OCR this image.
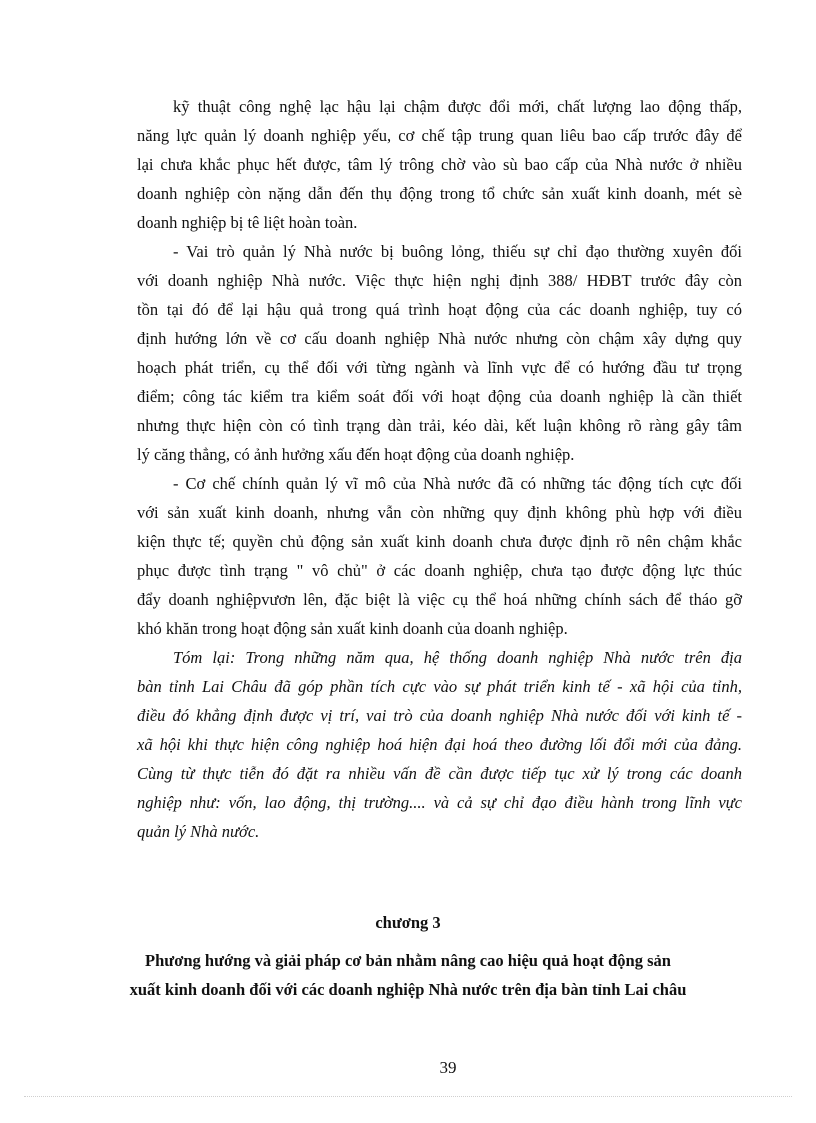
kỹ thuật công nghệ lạc hậu lại chậm được đổi mới, chất lượng lao động thấp,
năng lực quản lý doanh nghiệp yếu, cơ chế tập trung quan liêu bao cấp trước đây để
lại chưa khắc phục hết được, tâm lý trông chờ vào sù bao cấp của Nhà nước ở nhiều
doanh nghiệp còn nặng dẫn đến thụ động trong tổ chức sản xuất kinh doanh, mét sè
doanh nghiệp bị tê liệt hoàn toàn.
- Vai trò quản lý Nhà nước bị buông lỏng, thiếu sự chỉ đạo thường xuyên đối
với doanh nghiệp Nhà nước. Việc thực hiện nghị định 388/ HĐBT trước đây còn
tồn tại đó để lại hậu quả trong quá trình hoạt động của các doanh nghiệp, tuy có
định hướng lớn về cơ cấu doanh nghiệp Nhà nước nhưng còn chậm xây dựng quy
hoạch phát triển, cụ thể đối với từng ngành và lĩnh vực để có hướng đầu tư trọng
điểm; công tác kiểm tra kiểm soát đối với hoạt động của doanh nghiệp là cần thiết
nhưng thực hiện còn có tình trạng dàn trải, kéo dài, kết luận không rõ ràng gây tâm
lý căng thẳng, có ảnh hưởng xấu đến hoạt động của doanh nghiệp.
- Cơ chế chính quản lý vĩ mô của Nhà nước đã có những tác động tích cực đối
với sản xuất kinh doanh, nhưng vẫn còn những quy định không phù hợp với điều
kiện thực tế; quyền chủ động sản xuất kinh doanh chưa được định rõ nên chậm khắc
phục được tình trạng " vô chủ" ở các doanh nghiệp, chưa tạo được động lực thúc
đẩy doanh nghiệpvươn lên, đặc biệt là việc cụ thể hoá những chính sách để tháo gỡ
khó khăn trong hoạt động sản xuất kinh doanh của doanh nghiệp.
Tóm lại: Trong những năm qua, hệ thống doanh nghiệp Nhà nước trên địa
bàn tỉnh Lai Châu đã góp phần tích cực vào sự phát triển kinh tế - xã hội của tỉnh,
điều đó khẳng định được vị trí, vai trò của doanh nghiệp Nhà nước đối với kinh tế -
xã hội khi thực hiện công nghiệp hoá hiện đại hoá theo đường lối đổi mới của đảng.
Cùng từ thực tiễn đó đặt ra nhiều vấn đề cần được tiếp tục xử lý trong các doanh
nghiệp như: vốn, lao động, thị trường.... và cả sự chỉ đạo điều hành trong lĩnh vực
quản lý Nhà nước.
chương 3
Phương hướng và giải pháp cơ bản nhằm nâng cao hiệu quả hoạt động sản
xuất kinh doanh đối với các doanh nghiệp Nhà nước trên địa bàn tỉnh Lai châu
39
